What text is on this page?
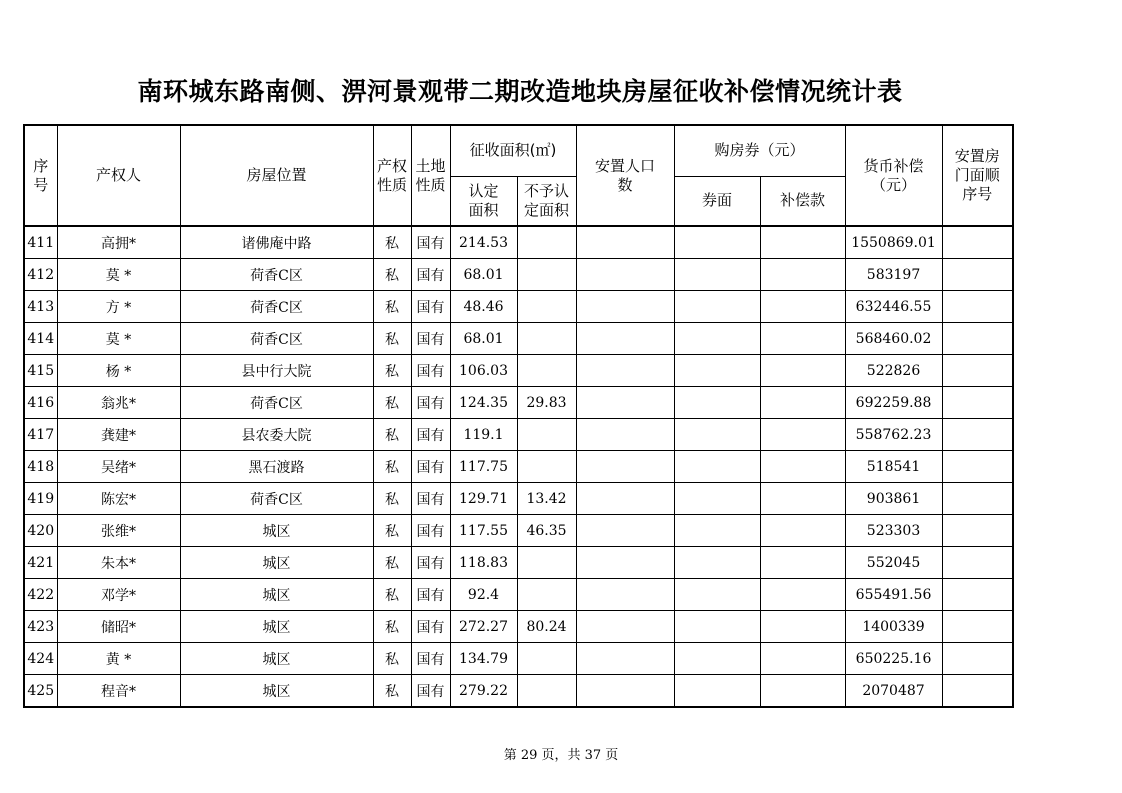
南环城东路南侧、淠河景观带二期改造地块房屋征收补偿情况统计表
序号	产权人	房屋位置	产权性质	土地性质	征收面积(㎡)		安置人口数	购房券（元）		货币补偿（元）	安置房门面顺序号
					认定面积	不予认定面积		券面	补偿款		
411	高拥*	诸佛庵中路	私	国有	214.53					1550869.01	
412	莫 *	荷香C区	私	国有	68.01					583197	
413	方 *	荷香C区	私	国有	48.46					632446.55	
414	莫 *	荷香C区	私	国有	68.01					568460.02	
415	杨 *	县中行大院	私	国有	106.03					522826	
416	翁兆*	荷香C区	私	国有	124.35	29.83				692259.88	
417	龚建*	县农委大院	私	国有	119.1					558762.23	
418	吴绪*	黑石渡路	私	国有	117.75					518541	
419	陈宏*	荷香C区	私	国有	129.71	13.42				903861	
420	张维*	城区	私	国有	117.55	46.35				523303	
421	朱本*	城区	私	国有	118.83					552045	
422	邓学*	城区	私	国有	92.4					655491.56	
423	储昭*	城区	私	国有	272.27	80.24				1400339	
424	黄 *	城区	私	国有	134.79					650225.16	
425	程音*	城区	私	国有	279.22					2070487	
第 29 页，共 37 页
